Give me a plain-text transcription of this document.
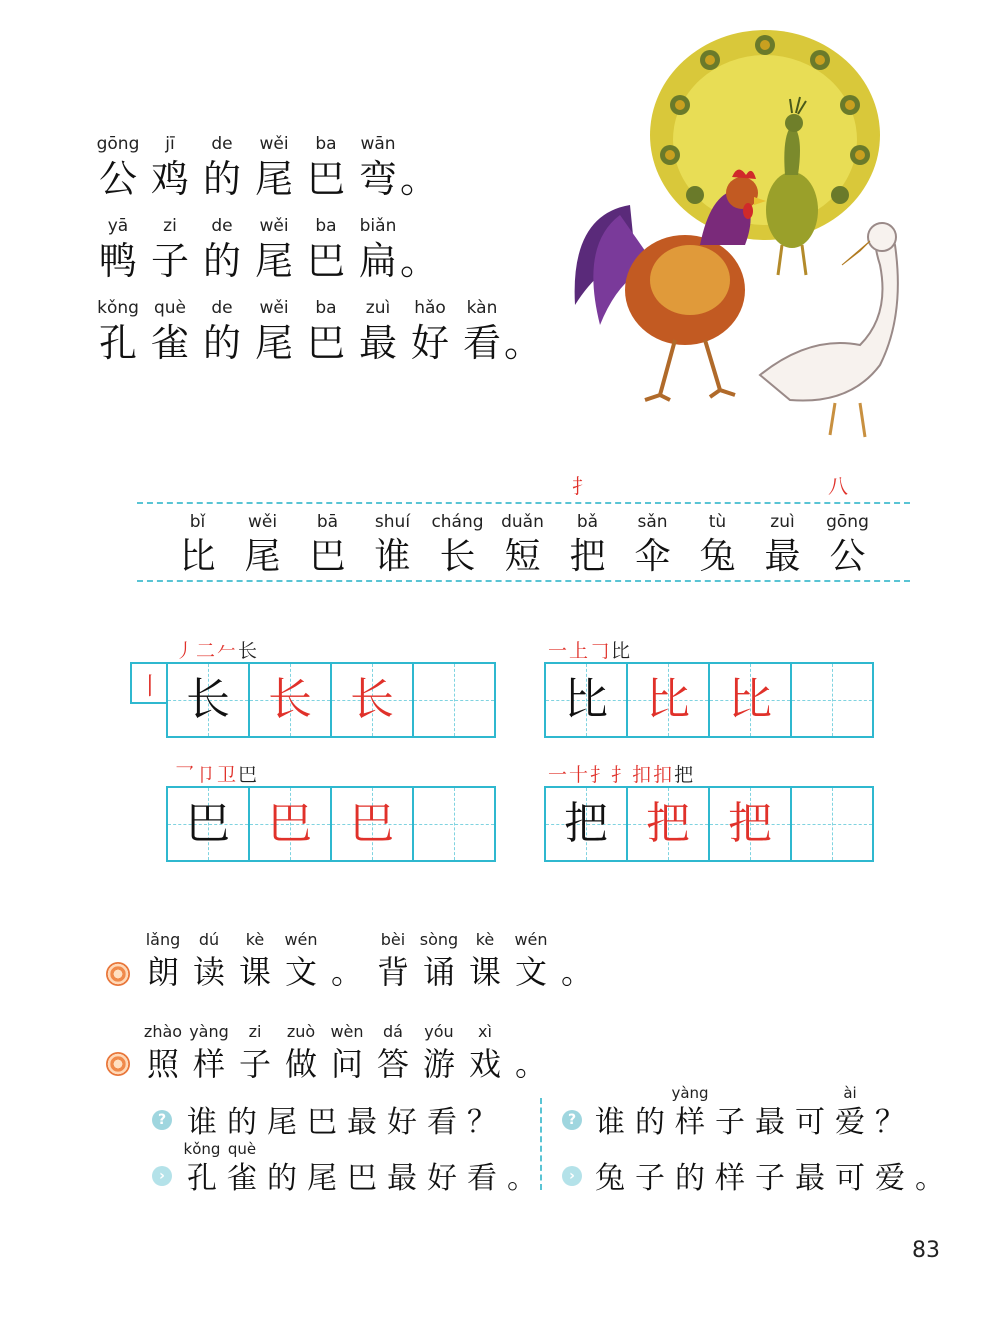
gōng
公
jī
鸡
de
的
wěi
尾
ba
巴
wān
弯 。
yā
鸭
zi
子
de
的
wěi
尾
ba
巴
biǎn
扁 。
kǒng
孔
què
雀
de
的
wěi
尾
ba
巴
zuì
最
hǎo
好
kàn
看 。
扌	八
bǐ
比
wěi
尾
bā
巴
shuí
谁
cháng
长
duǎn
短
bǎ
把
sǎn
伞
tù
兔
zuì
最
gōng
公
丿二𠂉长
丨 长 长 长
一上𠃌比
比 比 比
乛卩卫巴
巴 巴 巴
一十扌扌扣扣把
把 把 把
lǎng
朗
dú
读
kè
课
wén
文 。
bèi
背
sòng
诵
kè
课
wén
文 。
zhào
照
yàng
样
zi
子
zuò
做
wèn
问
dá
答
yóu
游
xì
戏 。
? 谁 的 尾 巴 最 好 看 ？
›
kǒng
孔
què
雀 的 尾 巴 最 好 看 。
? 谁 的
yàng
样 子 最 可
ài
爱 ？
› 兔 子 的 样 子 最 可 爱 。
83
